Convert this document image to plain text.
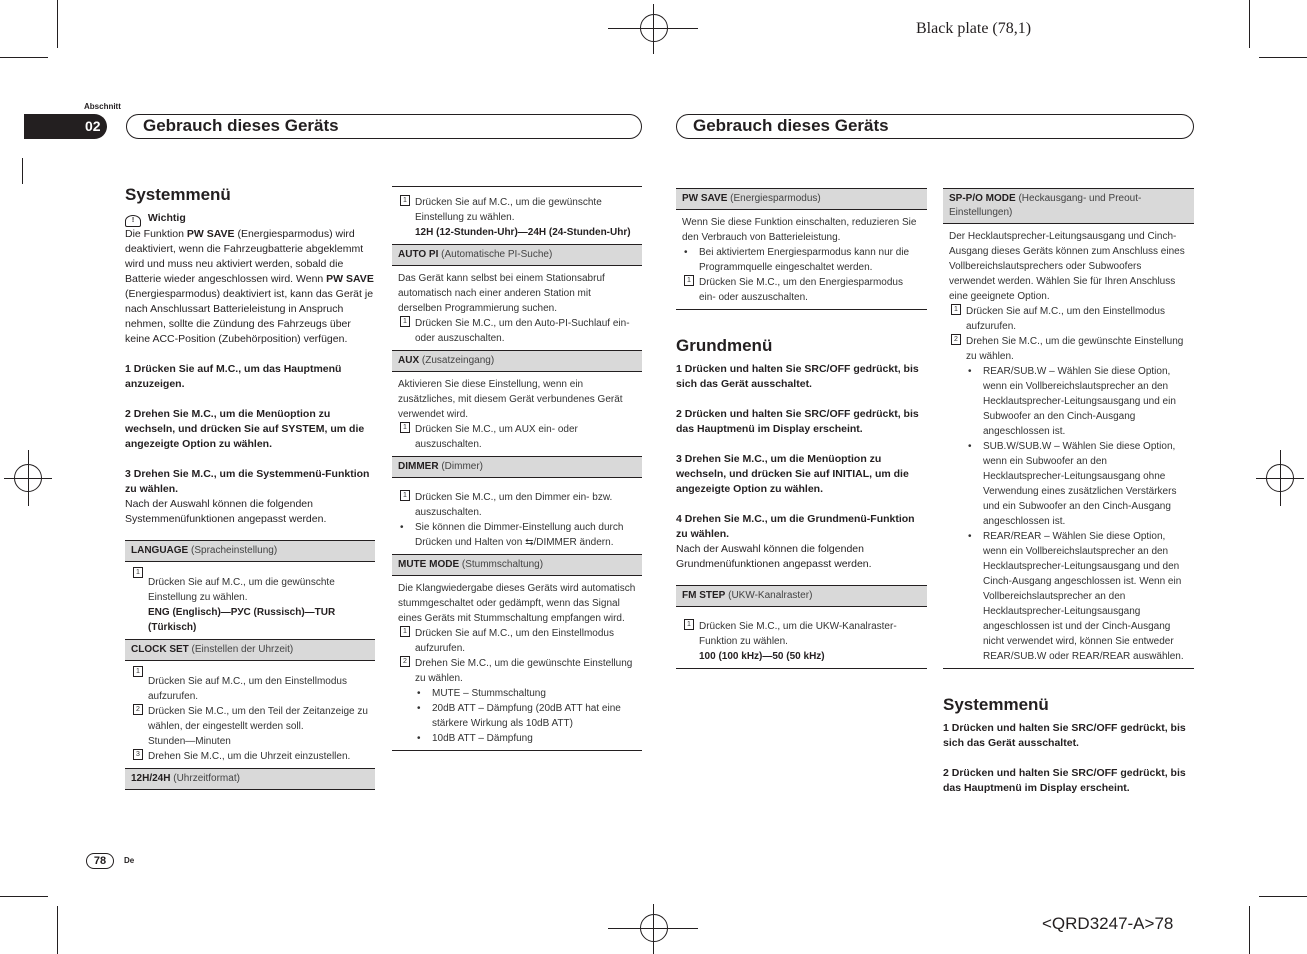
Black plate (78,1)
<QRD3247-A>78
Abschnitt
02 Gebrauch dieses Geräts	Gebrauch dieses Geräts
Systemmenü
! Wichtig

Die Funktion PW SAVE (Energiesparmodus) wird deaktiviert, wenn die Fahrzeugbatterie abgeklemmt wird und muss neu aktiviert werden, sobald die Batterie wieder angeschlossen wird. Wenn PW SAVE (Energiesparmodus) deaktiviert ist, kann das Gerät je nach Anschlussart Batterieleistung in Anspruch nehmen, sollte die Zündung des Fahrzeugs über keine ACC-Position (Zubehörposition) verfügen.

1 Drücken Sie auf M.C., um das Hauptmenü anzuzeigen.

2 Drehen Sie M.C., um die Menüoption zu wechseln, und drücken Sie auf SYSTEM, um die angezeigte Option zu wählen.

3 Drehen Sie M.C., um die Systemmenü-Funktion zu wählen.

Nach der Auswahl können die folgenden Systemmenüfunktionen angepasst werden.

LANGUAGE (Spracheinstellung)
1
Drücken Sie auf M.C., um die gewünschte Einstellung zu wählen.
ENG (Englisch)—РУС (Russisch)—TUR (Türkisch)
CLOCK SET (Einstellen der Uhrzeit)
1
Drücken Sie auf M.C., um den Einstellmodus aufzurufen.
2 Drücken Sie M.C., um den Teil der Zeitanzeige zu wählen, der eingestellt werden soll.
Stunden—Minuten
3 Drehen Sie M.C., um die Uhrzeit einzustellen.
12H/24H (Uhrzeitformat)
1 Drücken Sie auf M.C., um die gewünschte Einstellung zu wählen.
12H (12-Stunden-Uhr)—24H (24-Stunden-Uhr)
AUTO PI (Automatische PI-Suche)
Das Gerät kann selbst bei einem Stationsabruf automatisch nach einer anderen Station mit derselben Programmierung suchen.
1 Drücken Sie M.C., um den Auto-PI-Suchlauf ein- oder auszuschalten.
AUX (Zusatzeingang)
Aktivieren Sie diese Einstellung, wenn ein zusätzliches, mit diesem Gerät verbundenes Gerät verwendet wird.
1 Drücken Sie M.C., um AUX ein- oder auszuschalten.
DIMMER (Dimmer)
1 Drücken Sie M.C., um den Dimmer ein- bzw. auszuschalten.
• Sie können die Dimmer-Einstellung auch durch Drücken und Halten von ⇆/DIMMER ändern.
MUTE MODE (Stummschaltung)
Die Klangwiedergabe dieses Geräts wird automatisch stummgeschaltet oder gedämpft, wenn das Signal eines Geräts mit Stummschaltung empfangen wird.
1 Drücken Sie auf M.C., um den Einstellmodus aufzurufen.
2 Drehen Sie M.C., um die gewünschte Einstellung zu wählen.
• MUTE – Stummschaltung
• 20dB ATT – Dämpfung (20dB ATT hat eine stärkere Wirkung als 10dB ATT)
• 10dB ATT – Dämpfung
PW SAVE (Energiesparmodus)
Wenn Sie diese Funktion einschalten, reduzieren Sie den Verbrauch von Batterieleistung.
• Bei aktiviertem Energiesparmodus kann nur die Programmquelle eingeschaltet werden.
1 Drücken Sie M.C., um den Energiesparmodus ein- oder auszuschalten.
Grundmenü

1 Drücken und halten Sie SRC/OFF gedrückt, bis sich das Gerät ausschaltet.

2 Drücken und halten Sie SRC/OFF gedrückt, bis das Hauptmenü im Display erscheint.

3 Drehen Sie M.C., um die Menüoption zu wechseln, und drücken Sie auf INITIAL, um die angezeigte Option zu wählen.

4 Drehen Sie M.C., um die Grundmenü-Funktion zu wählen.

Nach der Auswahl können die folgenden Grundmenüfunktionen angepasst werden.

FM STEP (UKW-Kanalraster)
1 Drücken Sie M.C., um die UKW-Kanalraster-Funktion zu wählen.
100 (100 kHz)—50 (50 kHz)
SP-P/O MODE (Heckausgang- und Preout-Einstellungen)
Der Hecklautsprecher-Leitungsausgang und Cinch-Ausgang dieses Geräts können zum Anschluss eines Vollbereichslautsprechers oder Subwoofers verwendet werden. Wählen Sie für Ihren Anschluss eine geeignete Option.
1 Drücken Sie auf M.C., um den Einstellmodus aufzurufen.
2 Drehen Sie M.C., um die gewünschte Einstellung zu wählen.
• REAR/SUB.W – Wählen Sie diese Option, wenn ein Vollbereichslautsprecher an den Hecklautsprecher-Leitungsausgang und ein Subwoofer an den Cinch-Ausgang angeschlossen ist.
• SUB.W/SUB.W – Wählen Sie diese Option, wenn ein Subwoofer an den Hecklautsprecher-Leitungsausgang ohne Verwendung eines zusätzlichen Verstärkers und ein Subwoofer an den Cinch-Ausgang angeschlossen ist.
• REAR/REAR – Wählen Sie diese Option, wenn ein Vollbereichslautsprecher an den Hecklautsprecher-Leitungsausgang und den Cinch-Ausgang angeschlossen ist. Wenn ein Vollbereichslautsprecher an den Hecklautsprecher-Leitungsausgang angeschlossen ist und der Cinch-Ausgang nicht verwendet wird, können Sie entweder REAR/SUB.W oder REAR/REAR auswählen.
Systemmenü

1 Drücken und halten Sie SRC/OFF gedrückt, bis sich das Gerät ausschaltet.

2 Drücken und halten Sie SRC/OFF gedrückt, bis das Hauptmenü im Display erscheint.

78	De
